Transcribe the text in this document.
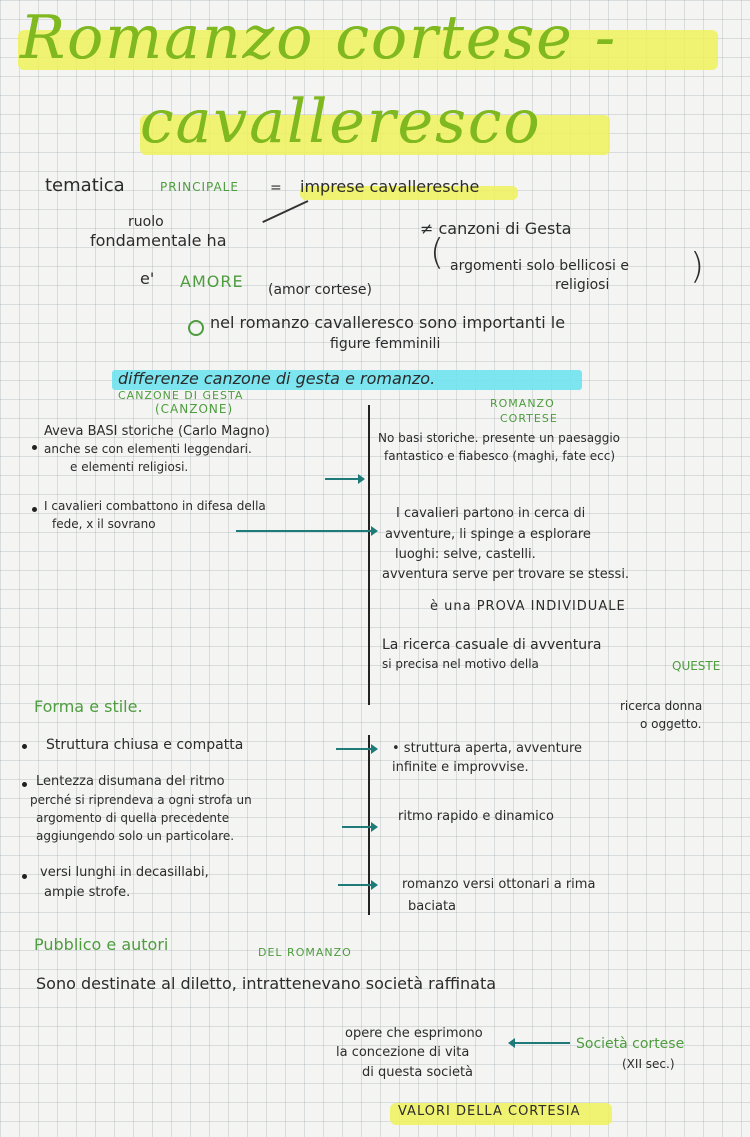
Romanzo cortese -
cavalleresco
tematica	PRINCIPALE = imprese cavalleresche
ruolo
fondamentale ha
≠ canzoni di Gesta
( argomenti solo bellicosi e
religiosi )
e' AMORE (amor cortese)
nel romanzo cavalleresco sono importanti le
figure femminili
differenze canzone di gesta e romanzo.
CANZONE DI GESTA
(CANZONE)	ROMANZO
CORTESE
Aveva BASI storiche (Carlo Magno)
anche se con elementi leggendari.
e elementi religiosi.
No basi storiche. presente un paesaggio
fantastico e fiabesco (maghi, fate ecc)
I cavalieri combattono in difesa della
fede, x il sovrano
I cavalieri partono in cerca di
avventure, li spinge a esplorare
luoghi: selve, castelli.
avventura serve per trovare se stessi.
è una PROVA INDIVIDUALE
La ricerca casuale di avventura
si precisa nel motivo della	QUESTE
ricerca donna
o oggetto.
Forma e stile.
Struttura chiusa e compatta	• struttura aperta, avventure
infinite e improvvise.
Lentezza disumana del ritmo
perché si riprendeva a ogni strofa un
argomento di quella precedente
aggiungendo solo un particolare.
ritmo rapido e dinamico
versi lunghi in decasillabi,
ampie strofe.
romanzo versi ottonari a rima
baciata
Pubblico e autori	DEL ROMANZO
Sono destinate al diletto, intrattenevano società raffinata
opere che esprimono
la concezione di vita
di questa società
Società cortese
(XII sec.)
VALORI DELLA CORTESIA
